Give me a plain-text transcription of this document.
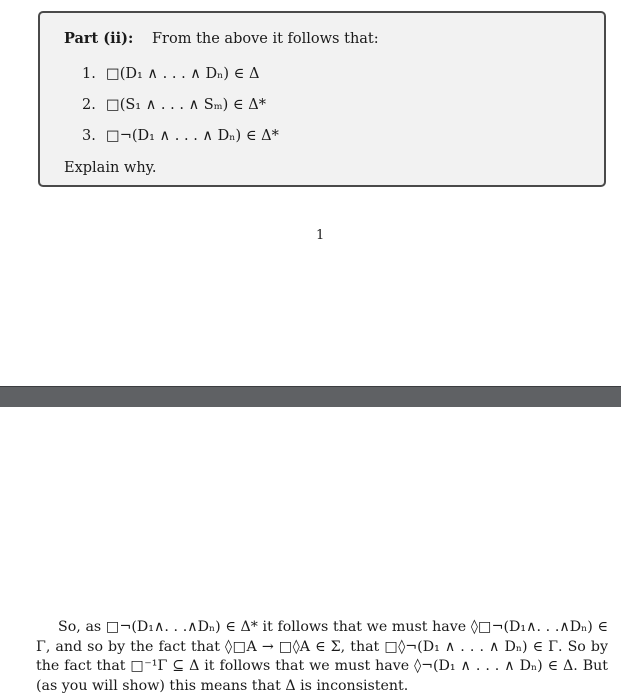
Part (ii): From the above it follows that:
1. □(D₁ ∧ . . . ∧ Dₙ) ∈ Δ
2. □(S₁ ∧ . . . ∧ Sₘ) ∈ Δ*
3. □¬(D₁ ∧ . . . ∧ Dₙ) ∈ Δ*
Explain why.
1

So, as □¬(D₁∧. . .∧Dₙ) ∈ Δ* it follows that we must have ◊□¬(D₁∧. . .∧Dₙ) ∈ Γ, and so by the fact that ◊□A → □◊A ∈ Σ, that □◊¬(D₁ ∧ . . . ∧ Dₙ) ∈ Γ. So by the fact that □⁻¹Γ ⊆ Δ it follows that we must have ◊¬(D₁ ∧ . . . ∧ Dₙ) ∈ Δ. But (as you will show) this means that Δ is inconsistent.
